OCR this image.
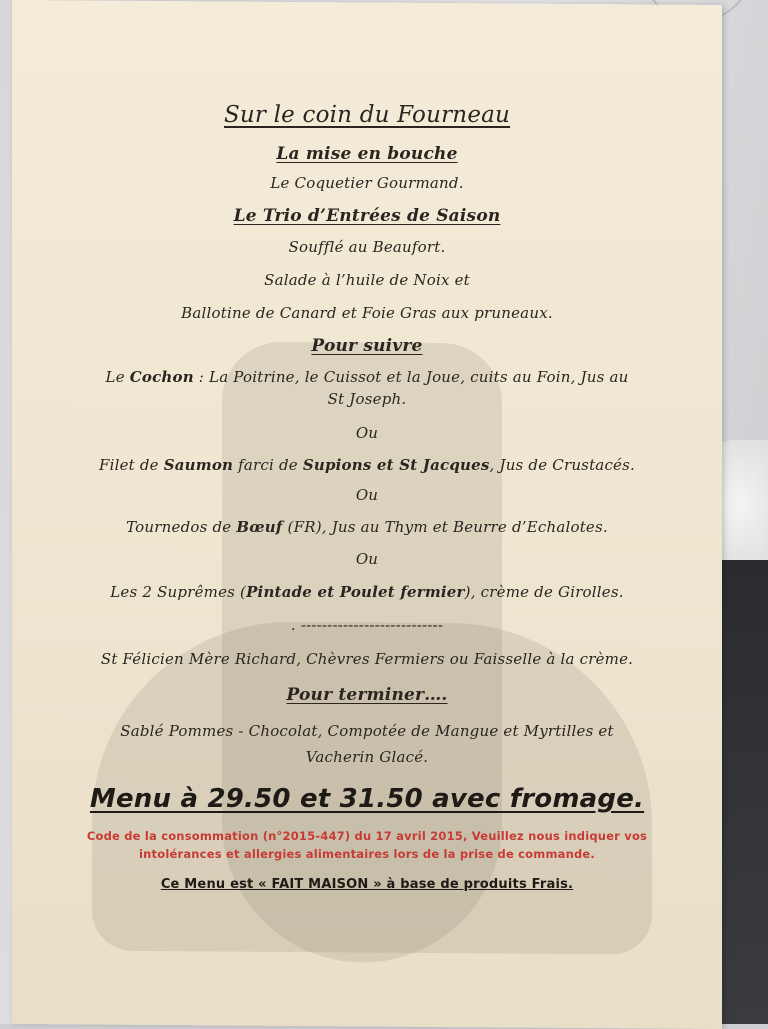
Sur le coin du Fourneau
La mise en bouche
Le Coquetier Gourmand.
Le Trio d’Entrées de Saison
Soufflé au Beaufort.
Salade à l’huile de Noix et
Ballotine de Canard et Foie Gras aux pruneaux.
Pour suivre
Le Cochon : La Poitrine, le Cuissot et la Joue, cuits au Foin, Jus au
St Joseph.
Ou
Filet de Saumon farci de Supions et St Jacques, Jus de Crustacés.
Ou
Tournedos de Bœuf (FR), Jus au Thym et Beurre d’Echalotes.
Ou
Les 2 Suprêmes (Pintade et Poulet fermier), crème de Girolles.
. ---------------------------
St Félicien Mère Richard, Chèvres Fermiers ou Faisselle à la crème.
Pour terminer….
Sablé Pommes - Chocolat, Compotée de Mangue et Myrtilles et
Vacherin Glacé.
Menu à 29.50 et 31.50 avec fromage.
Code de la consommation (n°2015-447) du 17 avril 2015, Veuillez nous indiquer vos
intolérances et allergies alimentaires lors de la prise de commande.
Ce Menu est « FAIT MAISON » à base de produits Frais.
